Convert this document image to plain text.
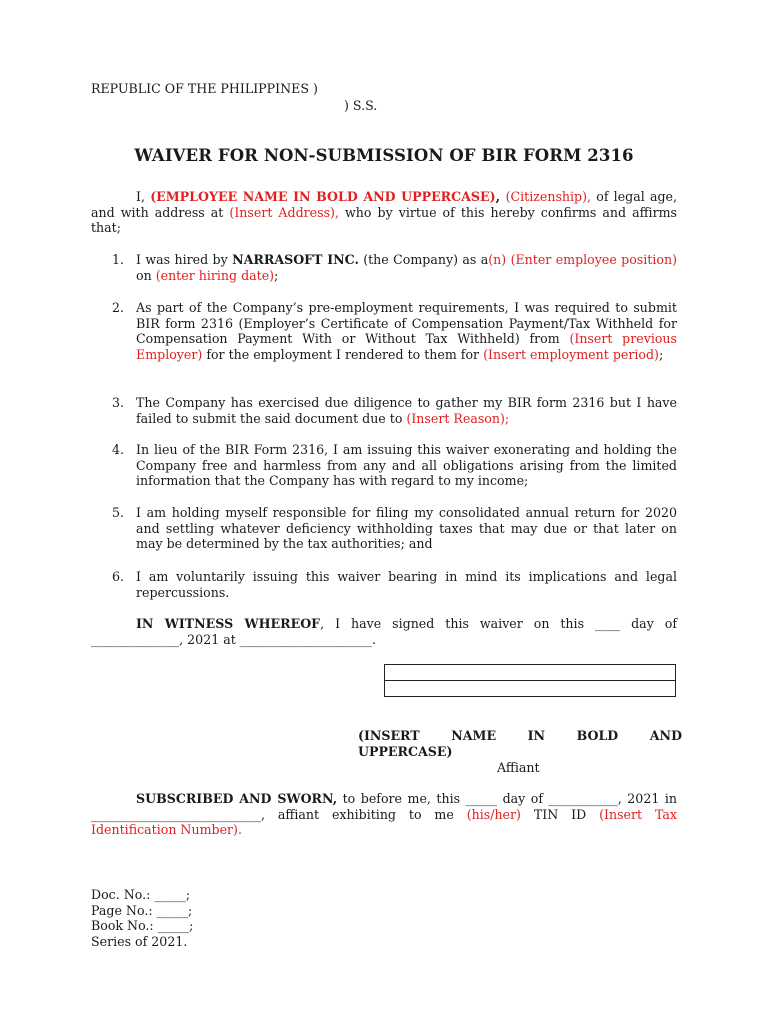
REPUBLIC OF THE PHILIPPINES )
) S.S.
WAIVER FOR NON-SUBMISSION OF BIR FORM 2316
I, (EMPLOYEE NAME IN BOLD AND UPPERCASE), (Citizenship), of legal age, and with address at (Insert Address), who by virtue of this hereby confirms and affirms that;
1. I was hired by NARRASOFT INC. (the Company) as a(n) (Enter employee position) on (enter hiring date);
2. As part of the Company’s pre-employment requirements, I was required to submit BIR form 2316 (Employer’s Certificate of Compensation Payment/Tax Withheld for Compensation Payment With or Without Tax Withheld) from (Insert previous Employer) for the employment I rendered to them for (Insert employment period);
3. The Company has exercised due diligence to gather my BIR form 2316 but I have failed to submit the said document due to (Insert Reason);
4. In lieu of the BIR Form 2316, I am issuing this waiver exonerating and holding the Company free and harmless from any and all obligations arising from the limited information that the Company has with regard to my income;
5. I am holding myself responsible for filing my consolidated annual return for 2020 and settling whatever deficiency withholding taxes that may due or that later on may be determined by the tax authorities; and
6. I am voluntarily issuing this waiver bearing in mind its implications and legal repercussions.
IN WITNESS WHEREOF, I have signed this waiver on this ____ day of ______________, 2021 at _____________________.
(INSERT	NAME	IN	BOLD	AND
UPPERCASE)
Affiant
SUBSCRIBED AND SWORN, to before me, this _____ day of ___________, 2021 in ___________________________, affiant exhibiting to me (his/her) TIN ID (Insert Tax Identification Number).
Doc. No.: _____;
Page No.: _____;
Book No.: _____;
Series of 2021.
